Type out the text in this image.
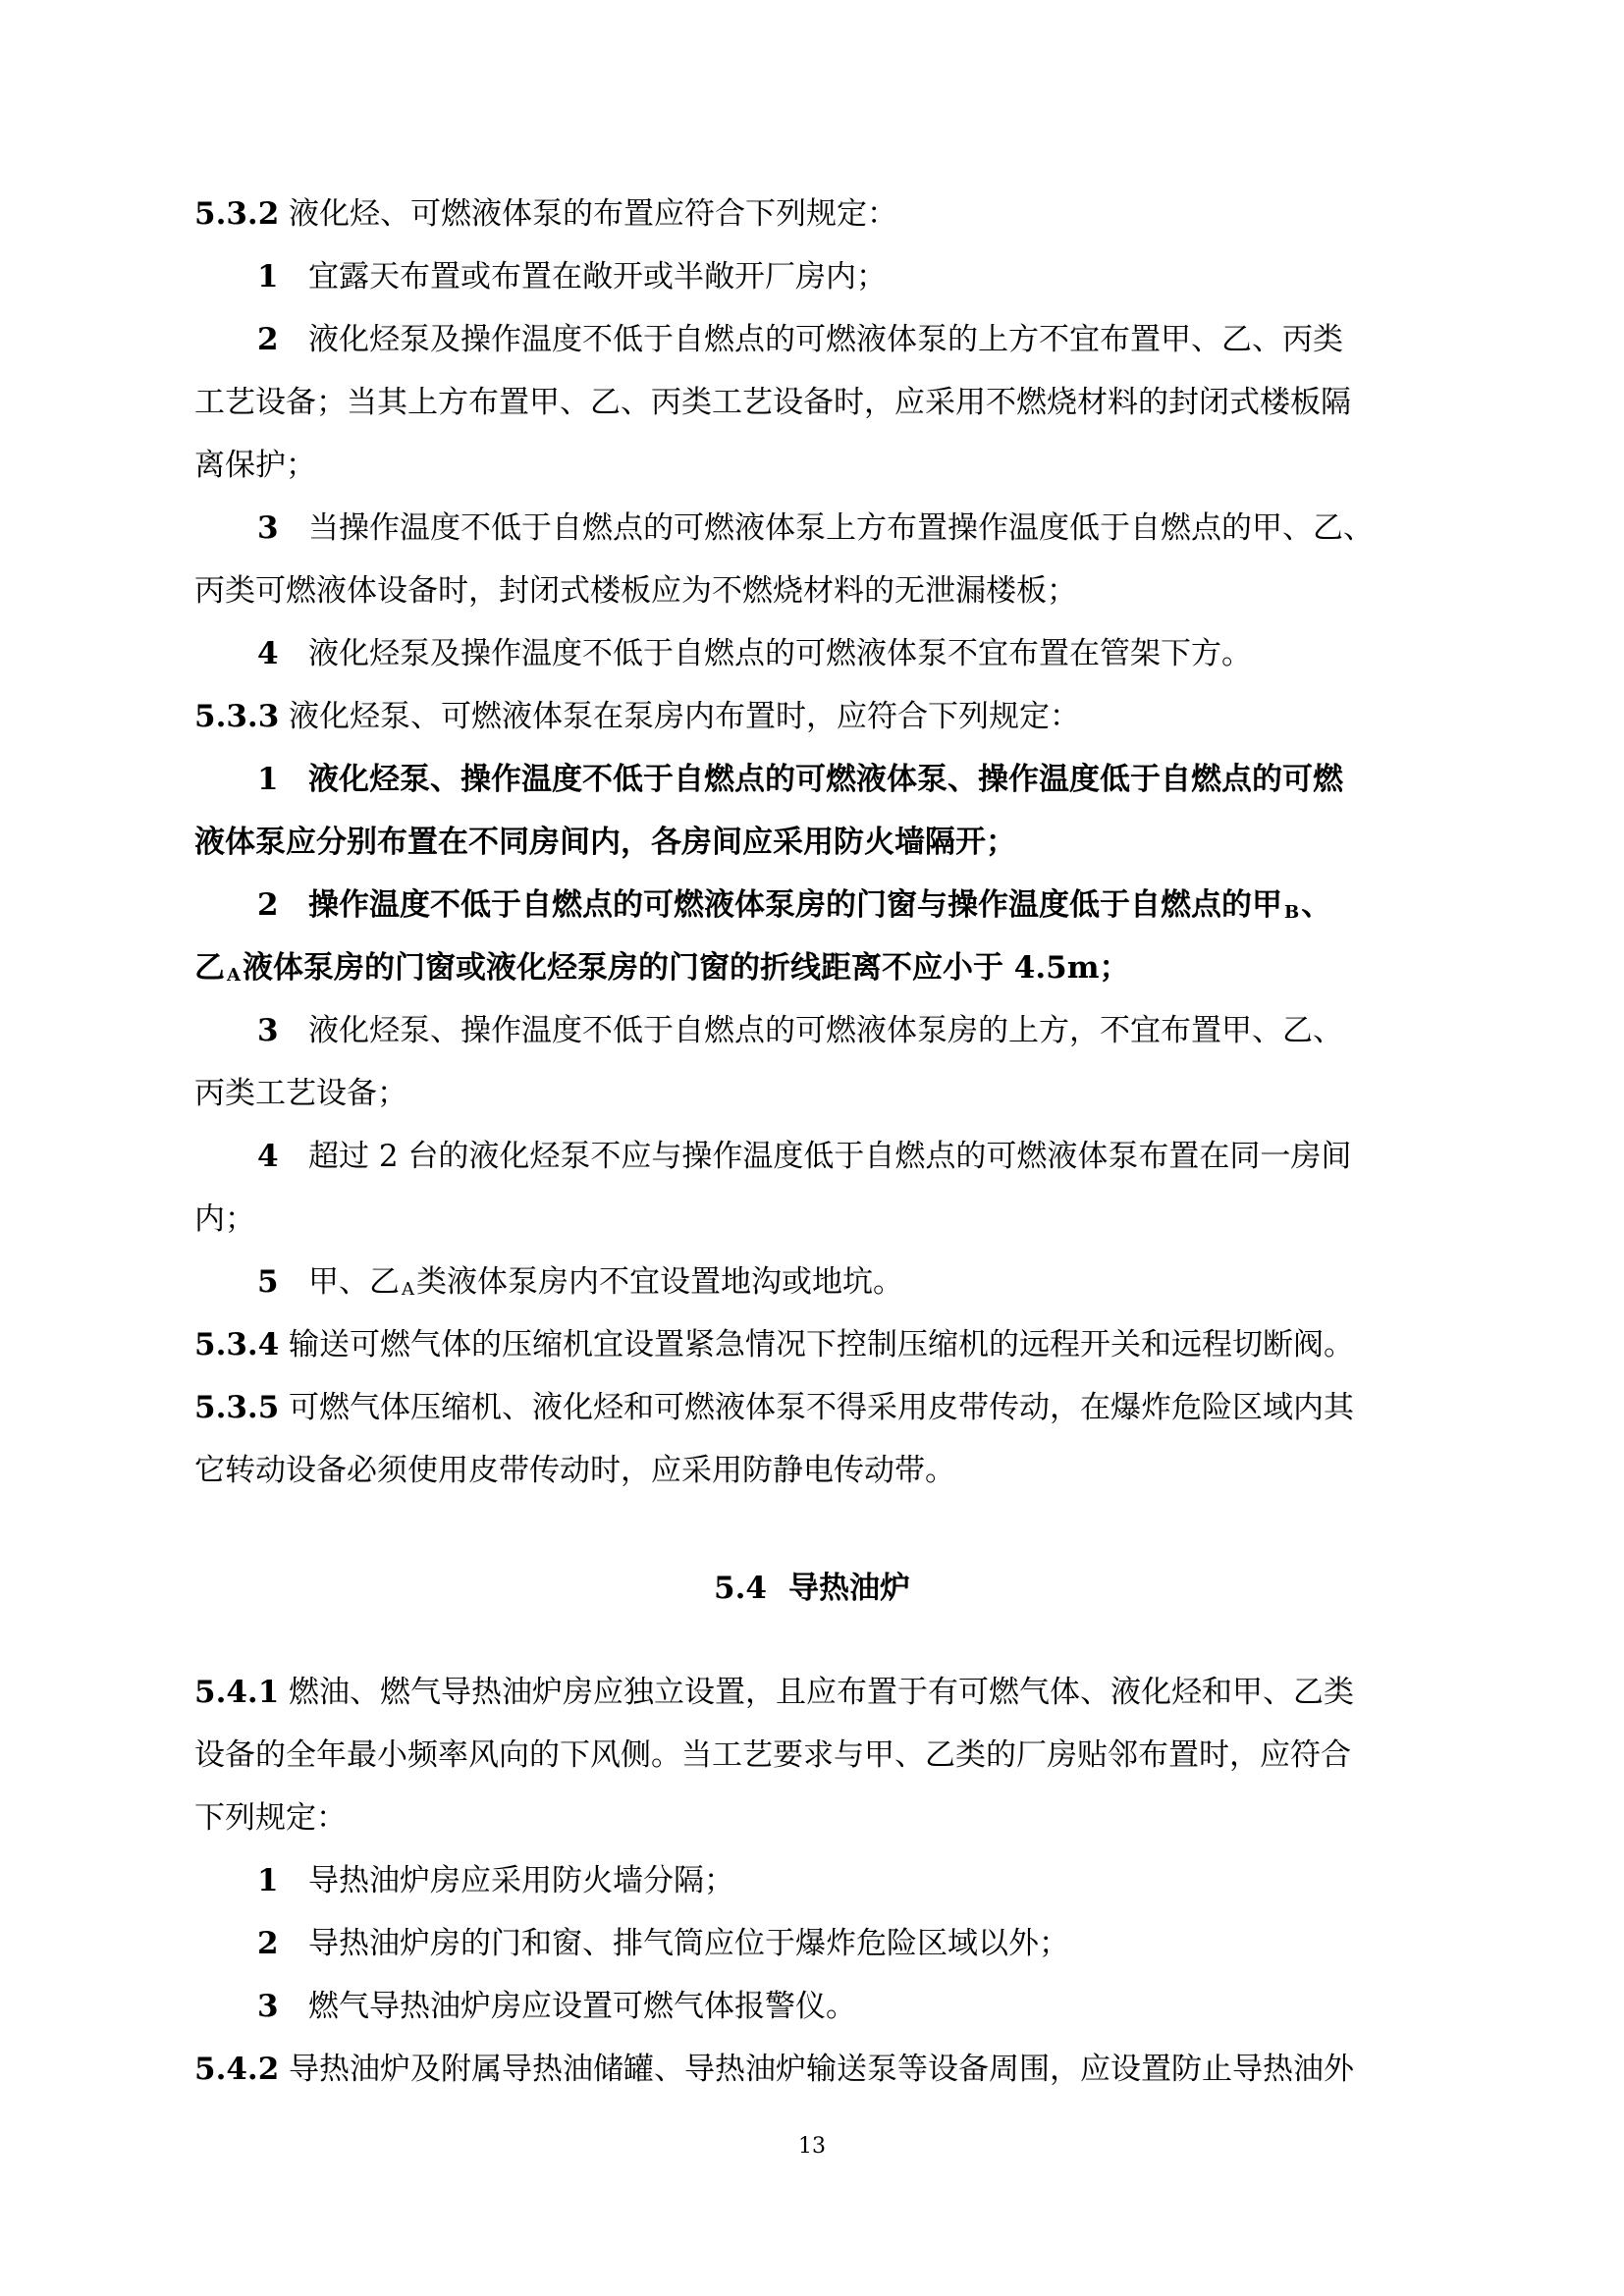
5.3.2 液化烃、可燃液体泵的布置应符合下列规定：
1 宜露天布置或布置在敞开或半敞开厂房内；
2 液化烃泵及操作温度不低于自燃点的可燃液体泵的上方不宜布置甲、乙、丙类
工艺设备；当其上方布置甲、乙、丙类工艺设备时，应采用不燃烧材料的封闭式楼板隔
离保护；
3 当操作温度不低于自燃点的可燃液体泵上方布置操作温度低于自燃点的甲、乙、
丙类可燃液体设备时，封闭式楼板应为不燃烧材料的无泄漏楼板；
4 液化烃泵及操作温度不低于自燃点的可燃液体泵不宜布置在管架下方。
5.3.3 液化烃泵、可燃液体泵在泵房内布置时，应符合下列规定：
1 液化烃泵、操作温度不低于自燃点的可燃液体泵、操作温度低于自燃点的可燃
液体泵应分别布置在不同房间内，各房间应采用防火墙隔开；
2 操作温度不低于自燃点的可燃液体泵房的门窗与操作温度低于自燃点的甲 B、
乙 A液体泵房的门窗或液化烃泵房的门窗的折线距离不应小于 4.5m；
3 液化烃泵、操作温度不低于自燃点的可燃液体泵房的上方，不宜布置甲、乙、
丙类工艺设备；
4 超过 2 台的液化烃泵不应与操作温度低于自燃点的可燃液体泵布置在同一房间
内；
5 甲、乙 A类液体泵房内不宜设置地沟或地坑。
5.3.4 输送可燃气体的压缩机宜设置紧急情况下控制压缩机的远程开关和远程切断阀。
5.3.5 可燃气体压缩机、液化烃和可燃液体泵不得采用皮带传动，在爆炸危险区域内其
它转动设备必须使用皮带传动时，应采用防静电传动带。
5.4 导热油炉
5.4.1 燃油、燃气导热油炉房应独立设置，且应布置于有可燃气体、液化烃和甲、乙类
设备的全年最小频率风向的下风侧。当工艺要求与甲、乙类的厂房贴邻布置时，应符合
下列规定：
1 导热油炉房应采用防火墙分隔；
2 导热油炉房的门和窗、排气筒应位于爆炸危险区域以外；
3 燃气导热油炉房应设置可燃气体报警仪。
5.4.2 导热油炉及附属导热油储罐、导热油炉输送泵等设备周围，应设置防止导热油外
13
